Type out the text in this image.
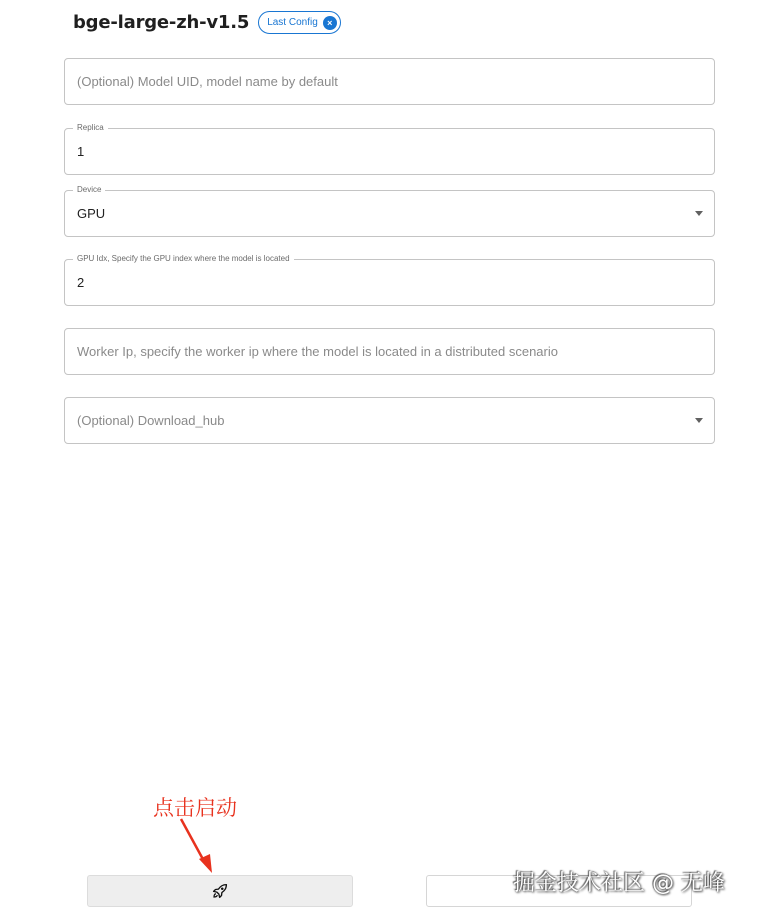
bge-large-zh-v1.5 Last Config	×
(Optional) Model UID, model name by default
Replica
1
Device
GPU
GPU Idx, Specify the GPU index where the model is located
2
Worker Ip, specify the worker ip where the model is located in a distributed scenario
(Optional) Download_hub
点击启动
掘金技术社区 @ 无峰
